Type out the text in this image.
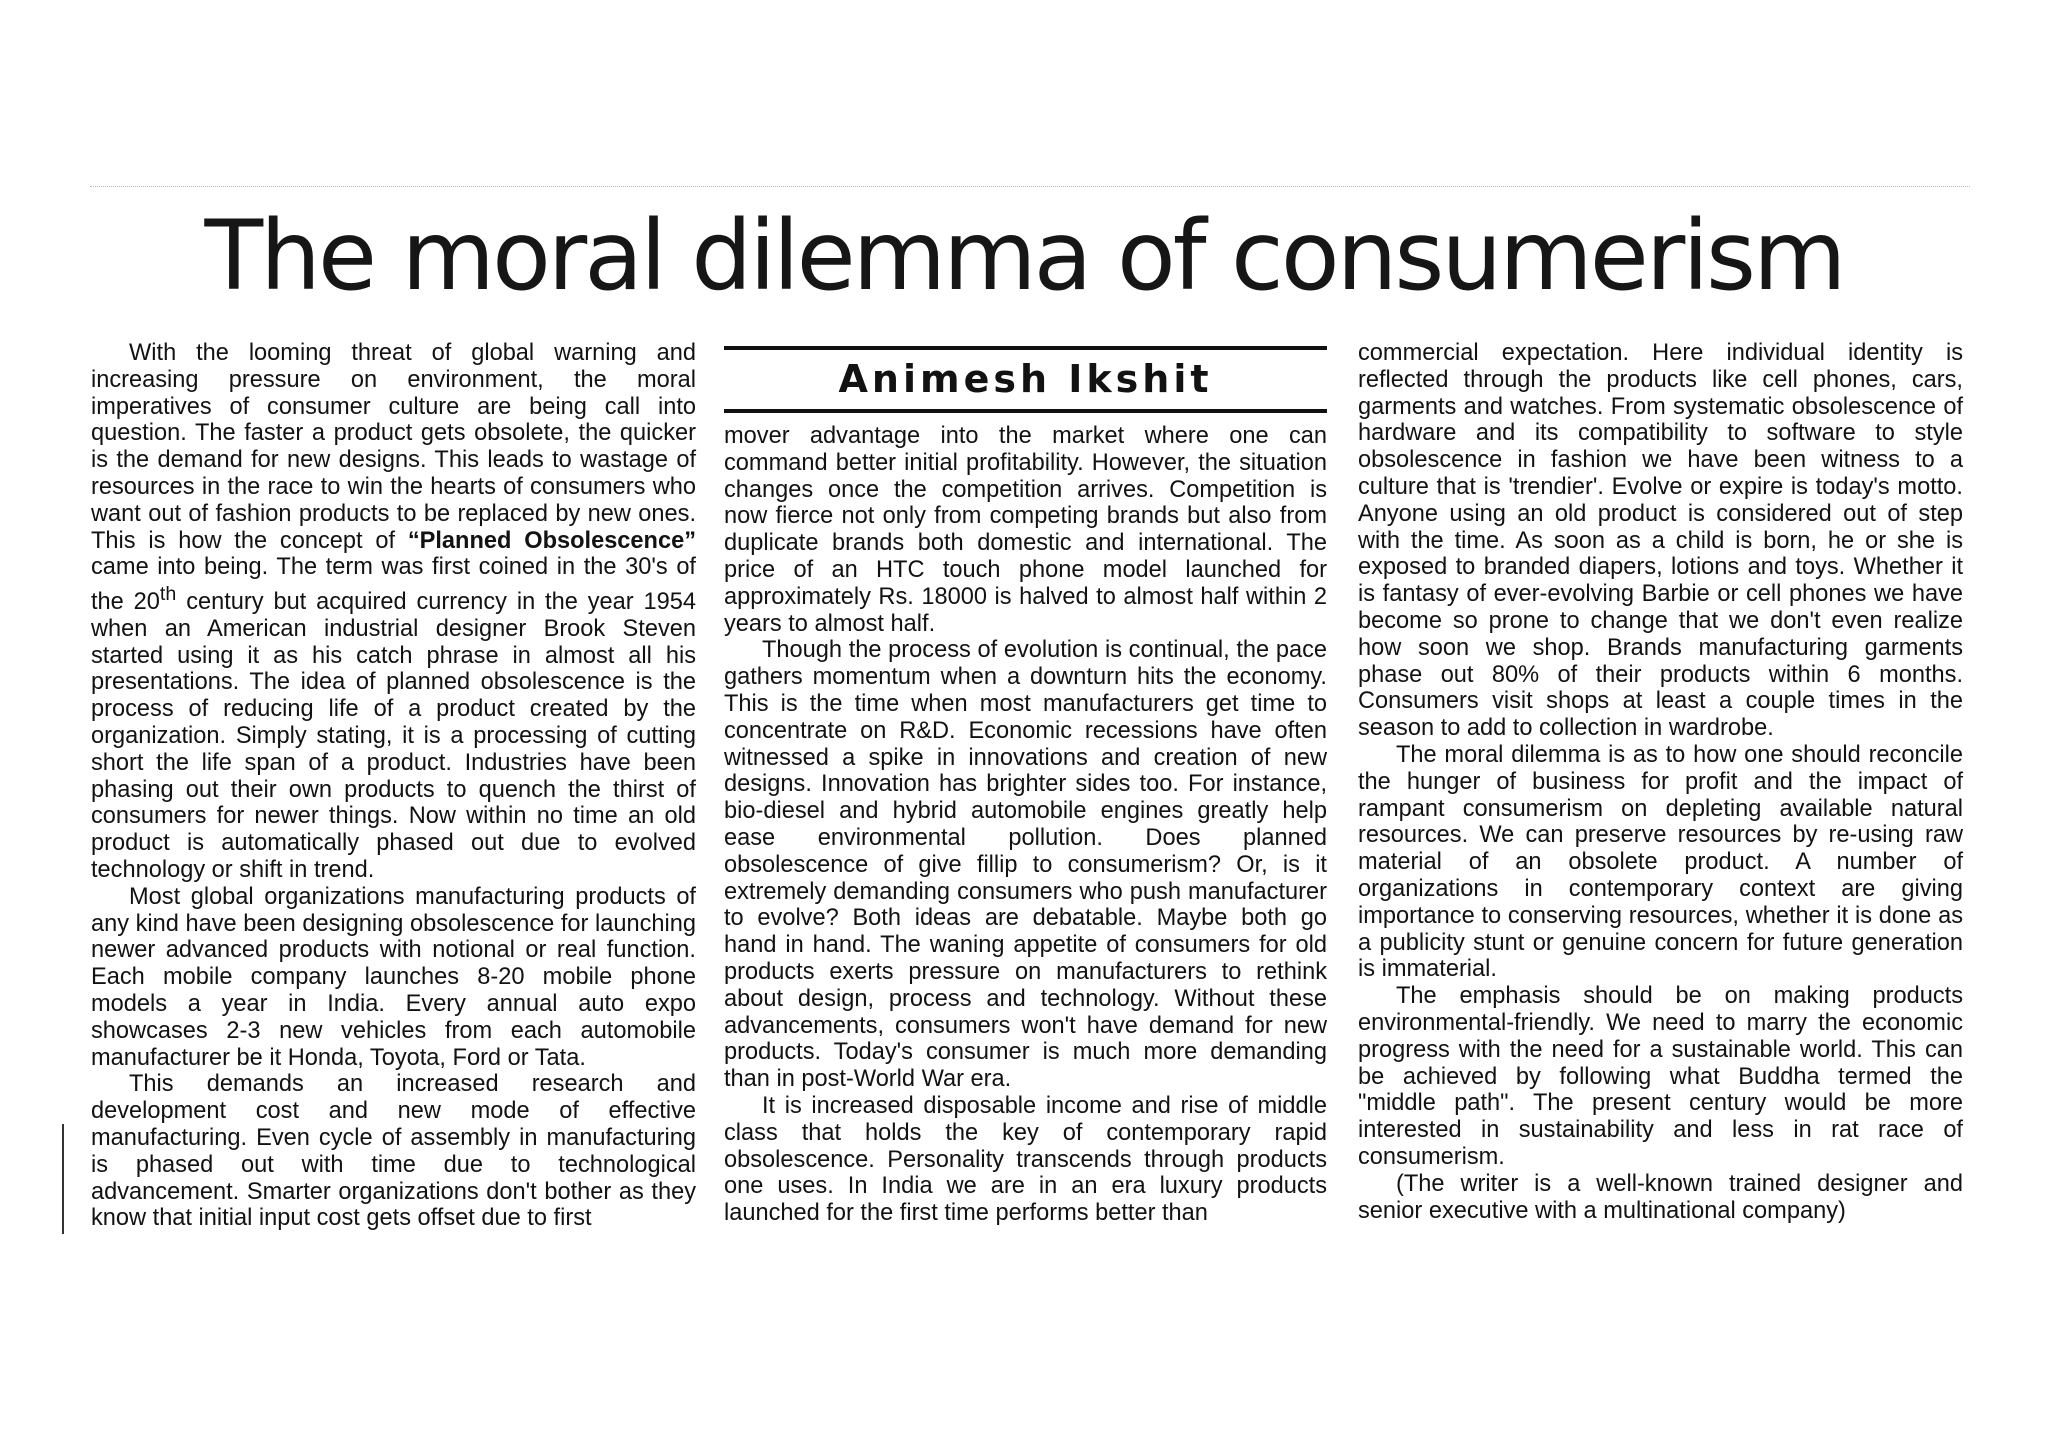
The moral dilemma of consumerism

With the looming threat of global warning and increasing pressure on environment, the moral imperatives of consumer culture are being call into question. The faster a product gets obsolete, the quicker is the demand for new designs. This leads to wastage of resources in the race to win the hearts of consumers who want out of fashion products to be replaced by new ones. This is how the concept of “Planned Obsolescence” came into being. The term was first coined in the 30's of the 20th century but acquired currency in the year 1954 when an American industrial designer Brook Steven started using it as his catch phrase in almost all his presentations. The idea of planned obsolescence is the process of reducing life of a product created by the organization. Simply stating, it is a processing of cutting short the life span of a product. Industries have been phasing out their own products to quench the thirst of consumers for newer things. Now within no time an old product is automatically phased out due to evolved technology or shift in trend.

Most global organizations manufacturing products of any kind have been designing obsolescence for launching newer advanced products with notional or real function. Each mobile company launches 8-20 mobile phone models a year in India. Every annual auto expo showcases 2-3 new vehicles from each automobile manufacturer be it Honda, Toyota, Ford or Tata.

This demands an increased research and development cost and new mode of effective manufacturing. Even cycle of assembly in manufacturing is phased out with time due to technological advancement. Smarter organizations don't bother as they know that initial input cost gets offset due to first

Animesh Ikshit

mover advantage into the market where one can command better initial profitability. However, the situation changes once the competition arrives. Competition is now fierce not only from competing brands but also from duplicate brands both domestic and international. The price of an HTC touch phone model launched for approximately Rs. 18000 is halved to almost half within 2 years to almost half.

Though the process of evolution is continual, the pace gathers momentum when a downturn hits the economy. This is the time when most manufacturers get time to concentrate on R&D. Economic recessions have often witnessed a spike in innovations and creation of new designs. Innovation has brighter sides too. For instance, bio-diesel and hybrid automobile engines greatly help ease environmental pollution. Does planned obsolescence of give fillip to consumerism? Or, is it extremely demanding consumers who push manufacturer to evolve? Both ideas are debatable. Maybe both go hand in hand. The waning appetite of consumers for old products exerts pressure on manufacturers to rethink about design, process and technology. Without these advancements, consumers won't have demand for new products. Today's consumer is much more demanding than in post-World War era.

It is increased disposable income and rise of middle class that holds the key of contemporary rapid obsolescence. Personality transcends through products one uses. In India we are in an era luxury products launched for the first time performs better than

commercial expectation. Here individual identity is reflected through the products like cell phones, cars, garments and watches. From systematic obsolescence of hardware and its compatibility to software to style obsolescence in fashion we have been witness to a culture that is 'trendier'. Evolve or expire is today's motto. Anyone using an old product is considered out of step with the time. As soon as a child is born, he or she is exposed to branded diapers, lotions and toys. Whether it is fantasy of ever-evolving Barbie or cell phones we have become so prone to change that we don't even realize how soon we shop. Brands manufacturing garments phase out 80% of their products within 6 months. Consumers visit shops at least a couple times in the season to add to collection in wardrobe.

The moral dilemma is as to how one should reconcile the hunger of business for profit and the impact of rampant consumerism on depleting available natural resources. We can preserve resources by re-using raw material of an obsolete product. A number of organizations in contemporary context are giving importance to conserving resources, whether it is done as a publicity stunt or genuine concern for future generation is immaterial.

The emphasis should be on making products environmental-friendly. We need to marry the economic progress with the need for a sustainable world. This can be achieved by following what Buddha termed the "middle path". The present century would be more interested in sustainability and less in rat race of consumerism.

(The writer is a well-known trained designer and senior executive with a multinational company)
